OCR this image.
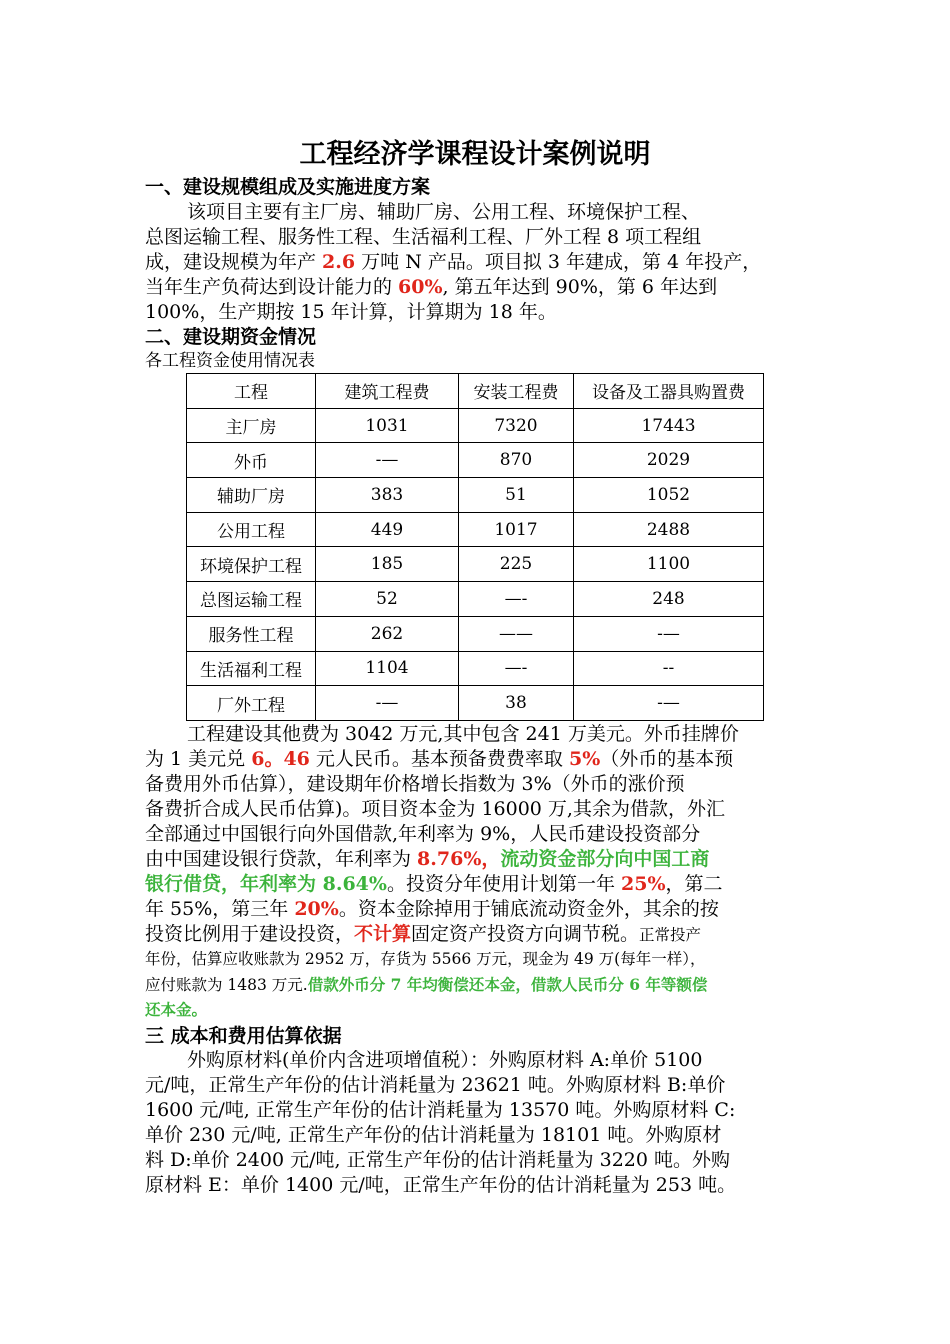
工程经济学课程设计案例说明
一、建设规模组成及实施进度方案
该项目主要有主厂房、辅助厂房、公用工程、环境保护工程、
总图运输工程、服务性工程、生活福利工程、厂外工程 8 项工程组
成，建设规模为年产 2.6 万吨 N 产品。项目拟 3 年建成，第 4 年投产，
当年生产负荷达到设计能力的 60%, 第五年达到 90%，第 6 年达到
100%，生产期按 15 年计算，计算期为 18 年。
二、建设期资金情况
各工程资金使用情况表
工程	建筑工程费	安装工程费	设备及工器具购置费
主厂房	1031	7320	17443
外币	-—	870	2029
辅助厂房	383	51	1052
公用工程	449	1017	2488
环境保护工程	185	225	1100
总图运输工程	52	—-	248
服务性工程	262	——	-—
生活福利工程	1104	—-	--
厂外工程	-—	38	-—
工程建设其他费为 3042 万元,其中包含 241 万美元。外币挂牌价
为 1 美元兑 6。46 元人民币。基本预备费费率取 5%（外币的基本预
备费用外币估算），建设期年价格增长指数为 3%（外币的涨价预
备费折合成人民币估算)。项目资本金为 16000 万,其余为借款，外汇
全部通过中国银行向外国借款,年利率为 9%，人民币建设投资部分
由中国建设银行贷款，年利率为 8.76%，流动资金部分向中国工商
银行借贷，年利率为 8.64%。投资分年使用计划第一年 25%，第二
年 55%，第三年 20%。资本金除掉用于铺底流动资金外，其余的按
投资比例用于建设投资，不计算固定资产投资方向调节税。正常投产
年份，估算应收账款为 2952 万，存货为 5566 万元，现金为 49 万(每年一样），
应付账款为 1483 万元.借款外币分 7 年均衡偿还本金，借款人民币分 6 年等额偿
还本金。
三 成本和费用估算依据
外购原材料(单价内含进项增值税）：外购原材料 A:单价 5100
元/吨，正常生产年份的估计消耗量为 23621 吨。外购原材料 B:单价
1600 元/吨, 正常生产年份的估计消耗量为 13570 吨。外购原材料 C:
单价 230 元/吨, 正常生产年份的估计消耗量为 18101 吨。外购原材
料 D:单价 2400 元/吨, 正常生产年份的估计消耗量为 3220 吨。外购
原材料 E：单价 1400 元/吨，正常生产年份的估计消耗量为 253 吨。
